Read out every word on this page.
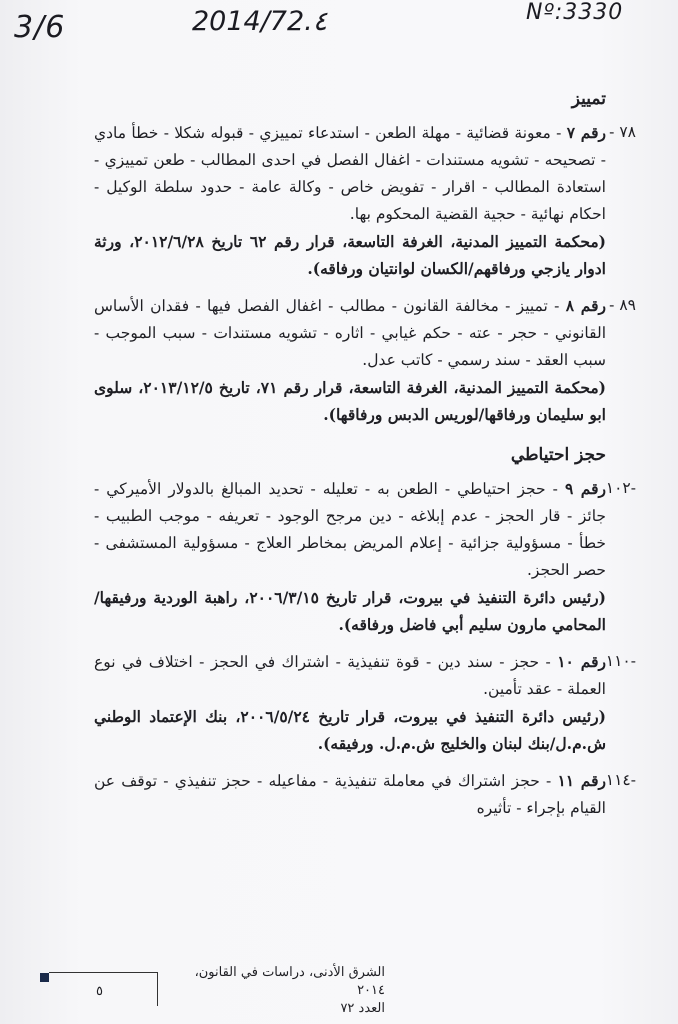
3/6	2014/72.٤	Nº:3330
تمييز
٧٨ -
رقم ٧ - معونة قضائية - مهلة الطعن - استدعاء تمييزي - قبوله شكلا - خطأ مادي - تصحيحه - تشويه مستندات - اغفال الفصل في احدى المطالب - طعن تمييزي - استعادة المطالب - اقرار - تفويض خاص - وكالة عامة - حدود سلطة الوكيل - احكام نهائية - حجية القضية المحكوم بها.
(محكمة التمييز المدنية، الغرفة التاسعة، قرار رقم ٦٢ تاريخ ٢٠١٢/٦/٢٨، ورثة ادوار يازجي ورفاقهم/الكسان لوانتيان ورفاقه).
٨٩ -
رقم ٨ - تمييز - مخالفة القانون - مطالب - اغفال الفصل فيها - فقدان الأساس القانوني - حجر - عته - حكم غيابي - اثاره - تشويه مستندات - سبب الموجب - سبب العقد - سند رسمي - كاتب عدل.
(محكمة التمييز المدنية، الغرفة التاسعة، قرار رقم ٧١، تاريخ ٢٠١٣/١٢/٥، سلوى ابو سليمان ورفاقها/لوريس الدبس ورفاقها).
حجز احتياطي
-١٠٢
رقم ٩ - حجز احتياطي - الطعن به - تعليله - تحديد المبالغ بالدولار الأميركي - جائز - قار الحجز - عدم إبلاغه - دين مرجح الوجود - تعريفه - موجب الطبيب - خطأ - مسؤولية جزائية - إعلام المريض بمخاطر العلاج - مسؤولية المستشفى - حصر الحجز.
(رئيس دائرة التنفيذ في بيروت، قرار تاريخ ٢٠٠٦/٣/١٥، راهبة الوردية ورفيقها/المحامي مارون سليم أبي فاضل ورفاقه).
-١١٠
رقم ١٠ - حجز - سند دين - قوة تنفيذية - اشتراك في الحجز - اختلاف في نوع العملة - عقد تأمين.
(رئيس دائرة التنفيذ في بيروت، قرار تاريخ ٢٠٠٦/٥/٢٤، بنك الإعتماد الوطني ش.م.ل/بنك لبنان والخليج ش.م.ل. ورفيقه).
-١١٤
رقم ١١ - حجز اشتراك في معاملة تنفيذية - مفاعيله - حجز تنفيذي - توقف عن القيام بإجراء - تأثيره
٥
الشرق الأدنى، دراسات في القانون، ٢٠١٤
العدد ٧٢
